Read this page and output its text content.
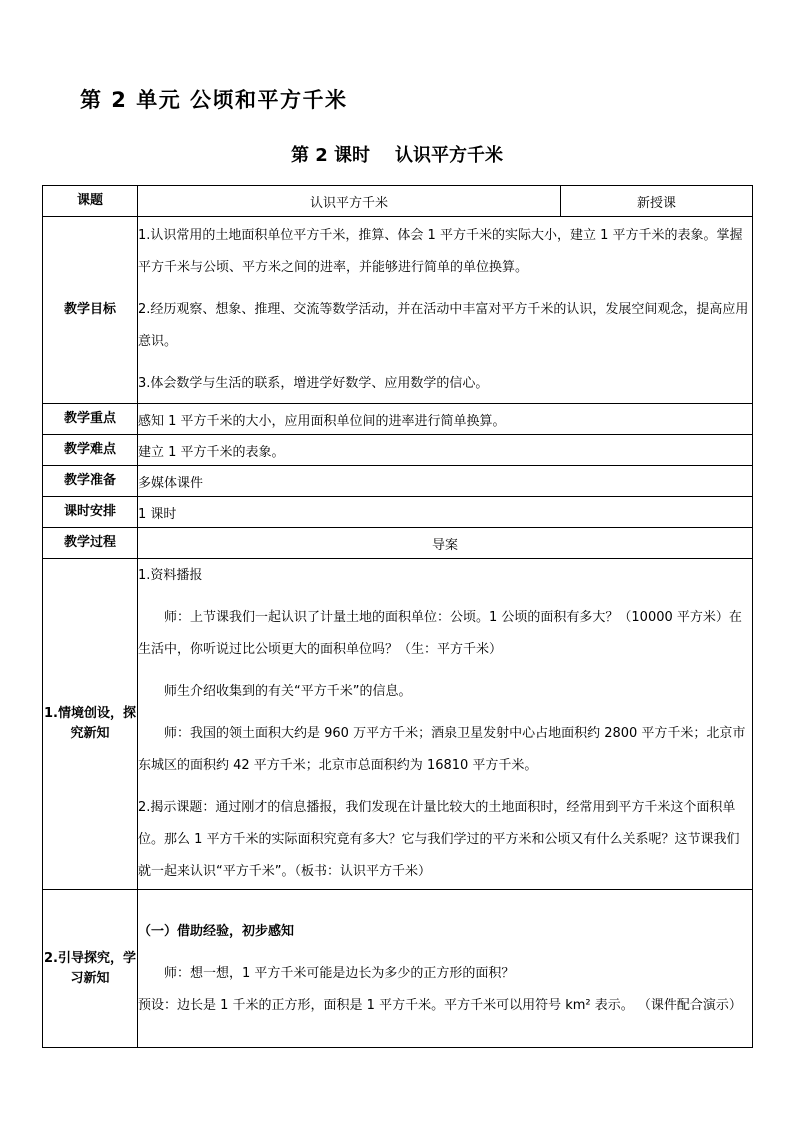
第 2 单元 公顷和平方千米
第 2 课时    认识平方千米
课题	认识平方千米	新授课
教学目标	1.认识常用的土地面积单位平方千米，推算、体会 1 平方千米的实际大小，建立 1 平方千米的表象。掌握平方千米与公顷、平方米之间的进率，并能够进行简单的单位换算。

2.经历观察、想象、推理、交流等数学活动，并在活动中丰富对平方千米的认识，发展空间观念，提高应用意识。

3.体会数学与生活的联系，增进学好数学、应用数学的信心。	

教学重点	感知 1 平方千米的大小，应用面积单位间的进率进行简单换算。	
教学难点	建立 1 平方千米的表象。	
教学准备	多媒体课件	
课时安排	1 课时	
教学过程	导案	
1.情境创设，探究新知	1.资料播报

师：上节课我们一起认识了计量土地的面积单位：公顷。1 公顷的面积有多大？（10000 平方米）在生活中，你听说过比公顷更大的面积单位吗？（生：平方千米）

师生介绍收集到的有关“平方千米”的信息。

师：我国的领土面积大约是 960 万平方千米；酒泉卫星发射中心占地面积约 2800 平方千米；北京市东城区的面积约 42 平方千米；北京市总面积约为 16810 平方千米。

2.揭示课题：通过刚才的信息播报，我们发现在计量比较大的土地面积时，经常用到平方千米这个面积单位。那么 1 平方千米的实际面积究竟有多大？它与我们学过的平方米和公顷又有什么关系呢？这节课我们就一起来认识“平方千米”。（板书：认识平方千米）	

2.引导探究，学习新知	（一）借助经验，初步感知

师：想一想，1 平方千米可能是边长为多少的正方形的面积？

预设：边长是 1 千米的正方形，面积是 1 平方千米。平方千米可以用符号 km² 表示。 （课件配合演示）	
